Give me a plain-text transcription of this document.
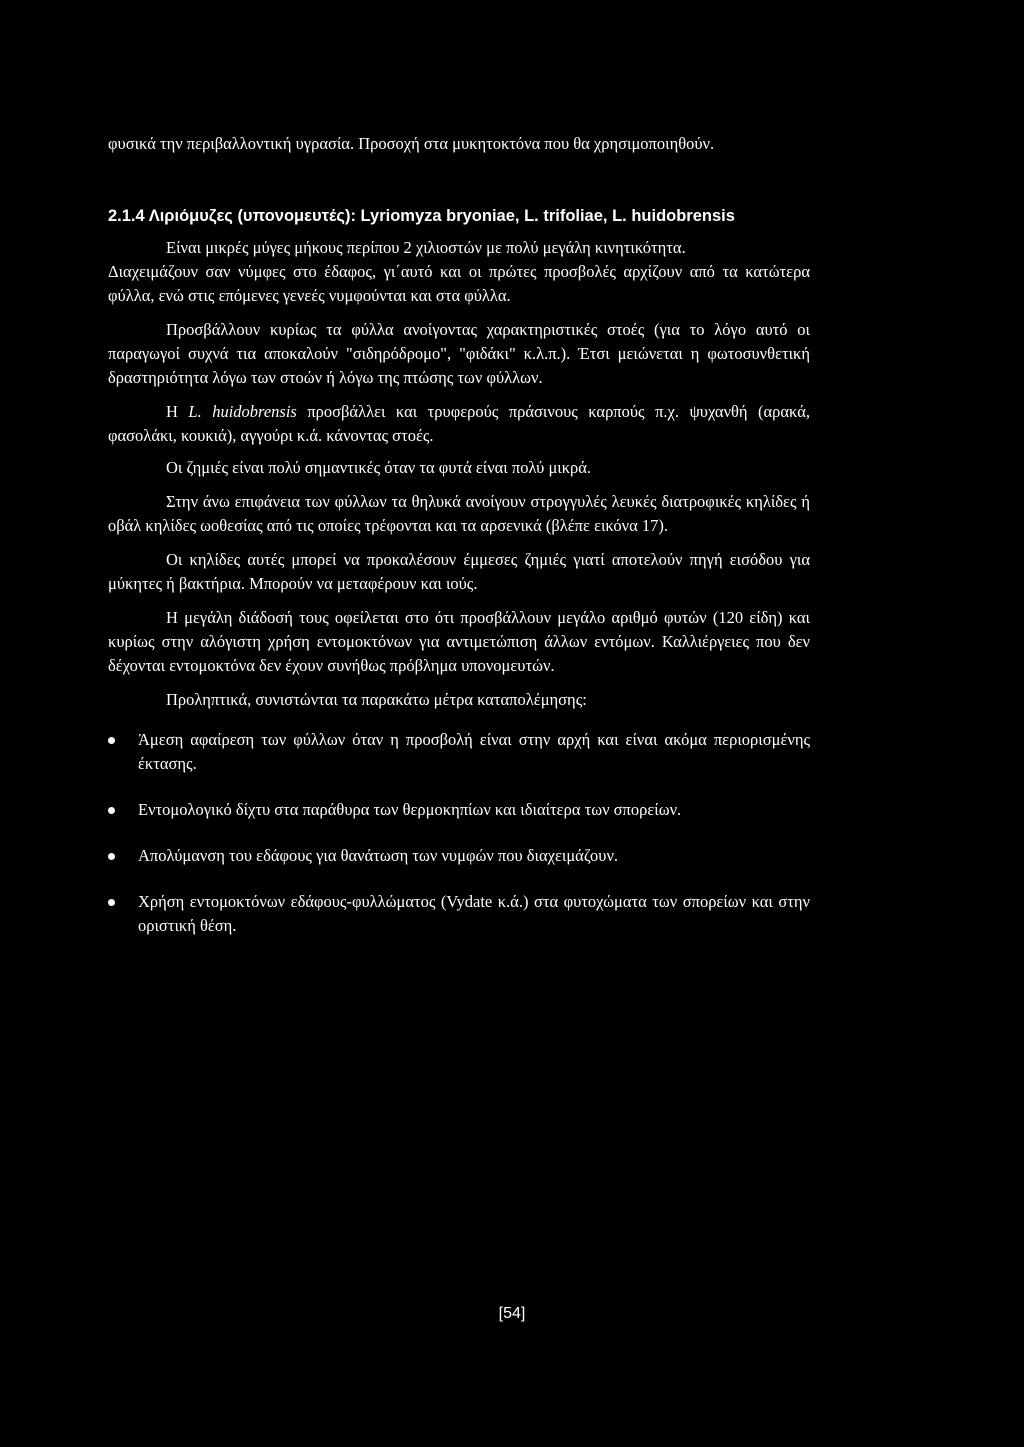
φυσικά την περιβαλλοντική υγρασία. Προσοχή στα μυκητοκτόνα που θα χρησιμοποιηθούν.

2.1.4 Λιριόμυζες (υπονομευτές): Lyriomyza bryoniae, L. trifoliae, L. huidobrensis

Είναι μικρές μύγες μήκους περίπου 2 χιλιοστών με πολύ μεγάλη κινητικότητα.

Διαχειμάζουν σαν νύμφες στο έδαφος, γι΄αυτό και οι πρώτες προσβολές αρχίζουν από τα κατώτερα φύλλα, ενώ στις επόμενες γενεές νυμφούνται και στα φύλλα.

Προσβάλλουν κυρίως τα φύλλα ανοίγοντας χαρακτηριστικές στοές (για το λόγο αυτό οι παραγωγοί συχνά τια αποκαλούν "σιδηρόδρομο", "φιδάκι" κ.λ.π.). Έτσι μειώνεται η φωτοσυνθετική δραστηριότητα λόγω των στοών ή λόγω της πτώσης των φύλλων.

Η L. huidobrensis προσβάλλει και τρυφερούς πράσινους καρπούς π.χ. ψυχανθή (αρακά, φασολάκι, κουκιά), αγγούρι κ.ά. κάνοντας στοές.

Οι ζημιές είναι πολύ σημαντικές όταν τα φυτά είναι πολύ μικρά.

Στην άνω επιφάνεια των φύλλων τα θηλυκά ανοίγουν στρογγυλές λευκές διατροφικές κηλίδες ή οβάλ κηλίδες ωοθεσίας από τις οποίες τρέφονται και τα αρσενικά (βλέπε εικόνα 17).

Οι κηλίδες αυτές μπορεί να προκαλέσουν έμμεσες ζημιές γιατί αποτελούν πηγή εισόδου για μύκητες ή βακτήρια. Μπορούν να μεταφέρουν και ιούς.

Η μεγάλη διάδοσή τους οφείλεται στο ότι προσβάλλουν μεγάλο αριθμό φυτών (120 είδη) και κυρίως στην αλόγιστη χρήση εντομοκτόνων για αντιμετώπιση άλλων εντόμων. Καλλιέργειες που δεν δέχονται εντομοκτόνα δεν έχουν συνήθως πρόβλημα υπονομευτών.

Προληπτικά, συνιστώνται τα παρακάτω μέτρα καταπολέμησης:

Άμεση αφαίρεση των φύλλων όταν η προσβολή είναι στην αρχή και είναι ακόμα περιορισμένης έκτασης.
Εντομολογικό δίχτυ στα παράθυρα των θερμοκηπίων και ιδιαίτερα των σπορείων.
Απολύμανση του εδάφους για θανάτωση των νυμφών που διαχειμάζουν.
Χρήση εντομοκτόνων εδάφους-φυλλώματος (Vydate κ.ά.) στα φυτοχώματα των σπορείων και στην οριστική θέση.
[54]
